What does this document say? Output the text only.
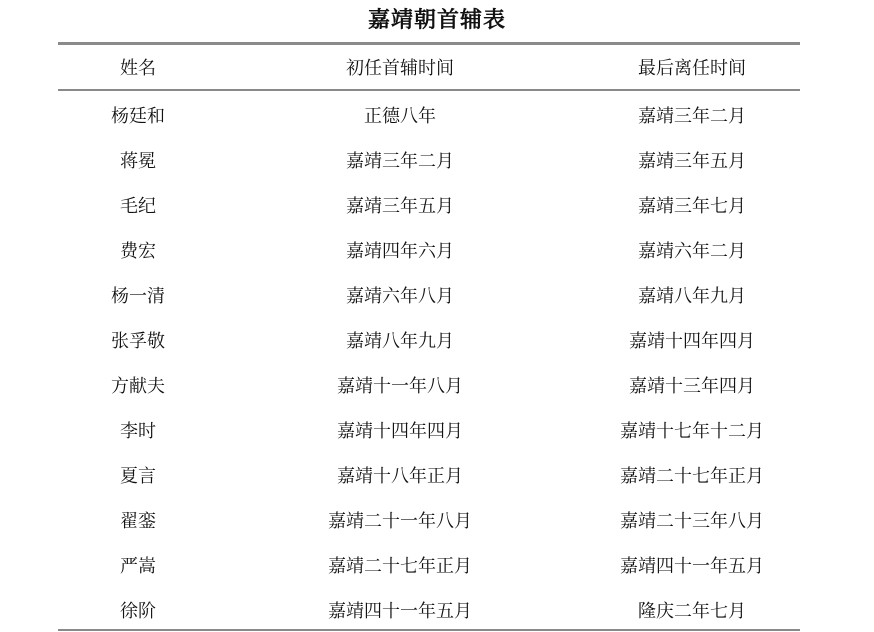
嘉靖朝首辅表
姓名	初任首辅时间	最后离任时间
杨廷和	正德八年	嘉靖三年二月
蒋冕	嘉靖三年二月	嘉靖三年五月
毛纪	嘉靖三年五月	嘉靖三年七月
费宏	嘉靖四年六月	嘉靖六年二月
杨一清	嘉靖六年八月	嘉靖八年九月
张孚敬	嘉靖八年九月	嘉靖十四年四月
方献夫	嘉靖十一年八月	嘉靖十三年四月
李时	嘉靖十四年四月	嘉靖十七年十二月
夏言	嘉靖十八年正月	嘉靖二十七年正月
翟銮	嘉靖二十一年八月	嘉靖二十三年八月
严嵩	嘉靖二十七年正月	嘉靖四十一年五月
徐阶	嘉靖四十一年五月	隆庆二年七月
